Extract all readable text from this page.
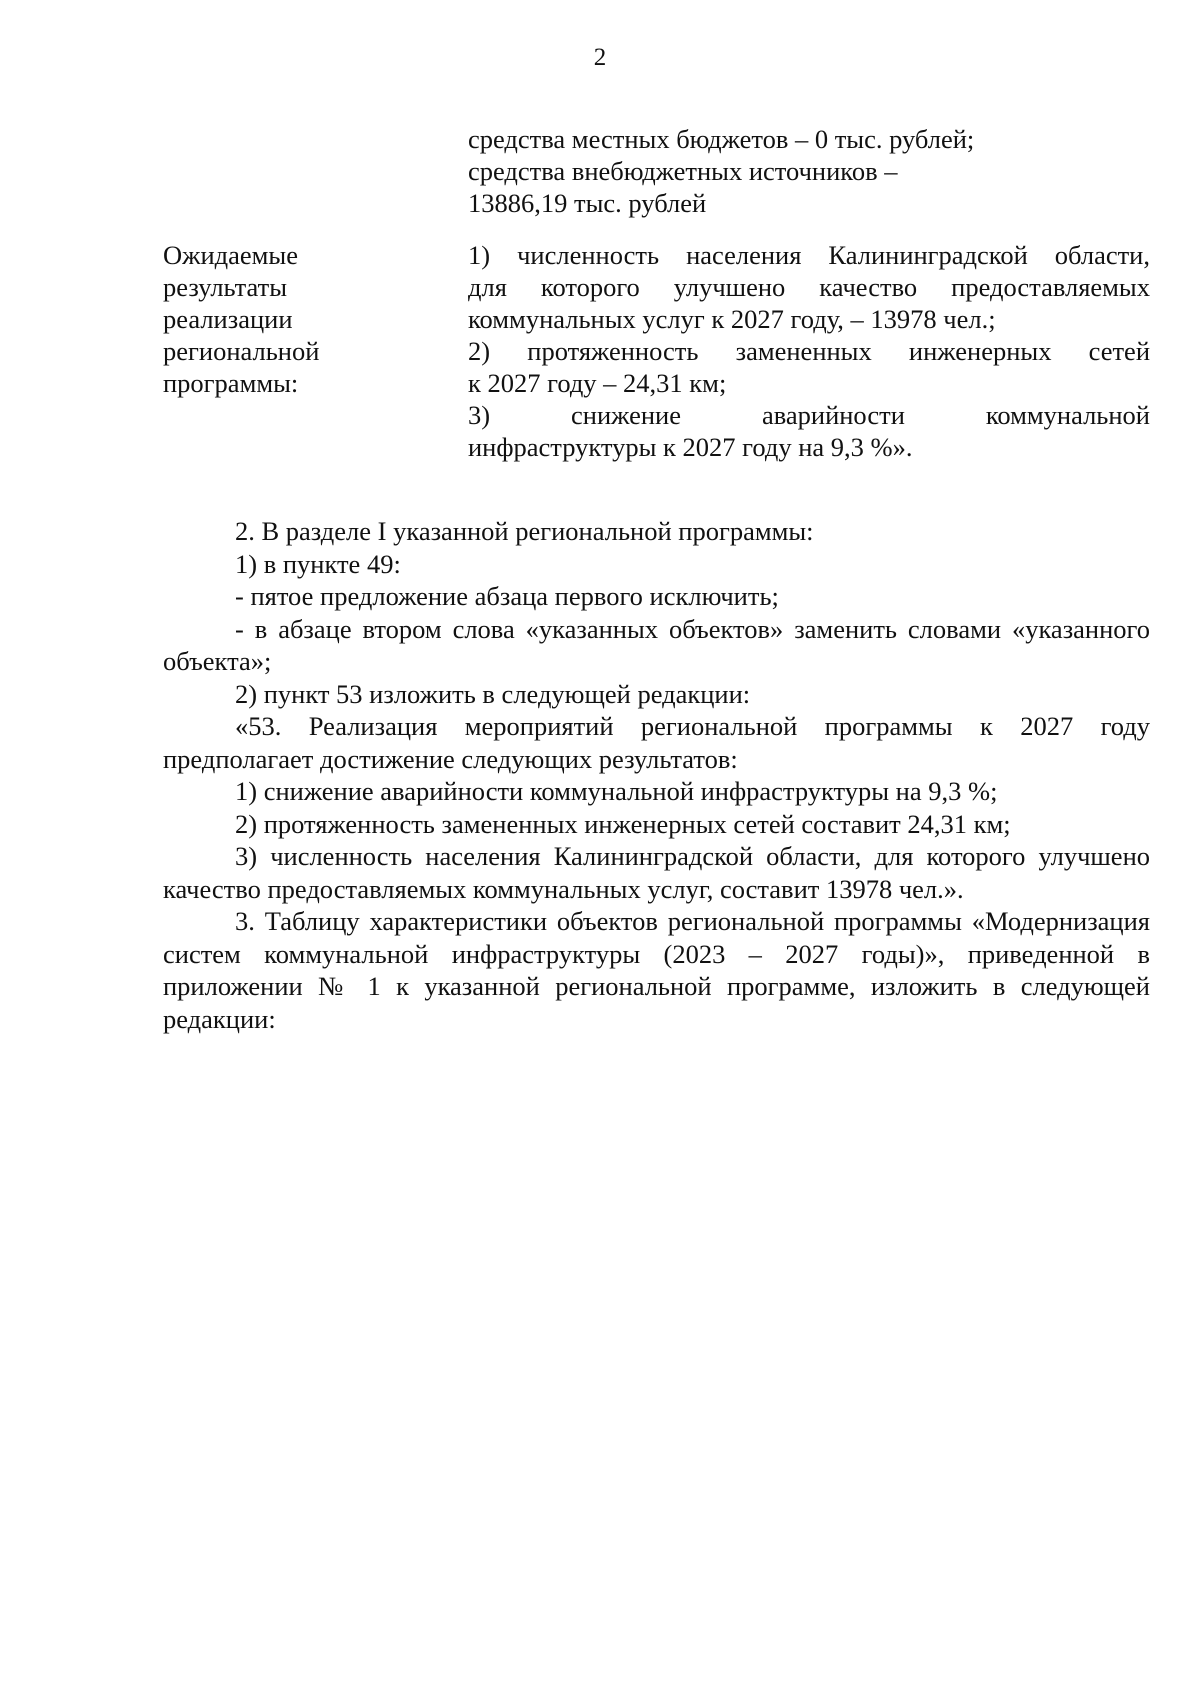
2
средства местных бюджетов – 0 тыс. рублей;
средства внебюджетных источников –
13886,19 тыс. рублей
Ожидаемые
результаты
реализации
региональной
программы:
1) численность населения Калининградской области,
для которого улучшено качество предоставляемых
коммунальных услуг к 2027 году, – 13978 чел.;
2) протяженность замененных инженерных сетей
к 2027 году – 24,31 км;
3) снижение аварийности коммунальной
инфраструктуры к 2027 году на 9,3 %».

2. В разделе I указанной региональной программы:

1) в пункте 49:

- пятое предложение абзаца первого исключить;

- в абзаце втором слова «указанных объектов» заменить словами «указанного объекта»;

2) пункт 53 изложить в следующей редакции:

«53. Реализация мероприятий региональной программы к 2027 году предполагает достижение следующих результатов:

1) снижение аварийности коммунальной инфраструктуры на 9,3 %;

2) протяженность замененных инженерных сетей составит 24,31 км;

3) численность населения Калининградской области, для которого улучшено качество предоставляемых коммунальных услуг, составит 13978 чел.».

3. Таблицу характеристики объектов региональной программы «Модернизация систем коммунальной инфраструктуры (2023 – 2027 годы)», приведенной в приложении № 1 к указанной региональной программе, изложить в следующей редакции:
